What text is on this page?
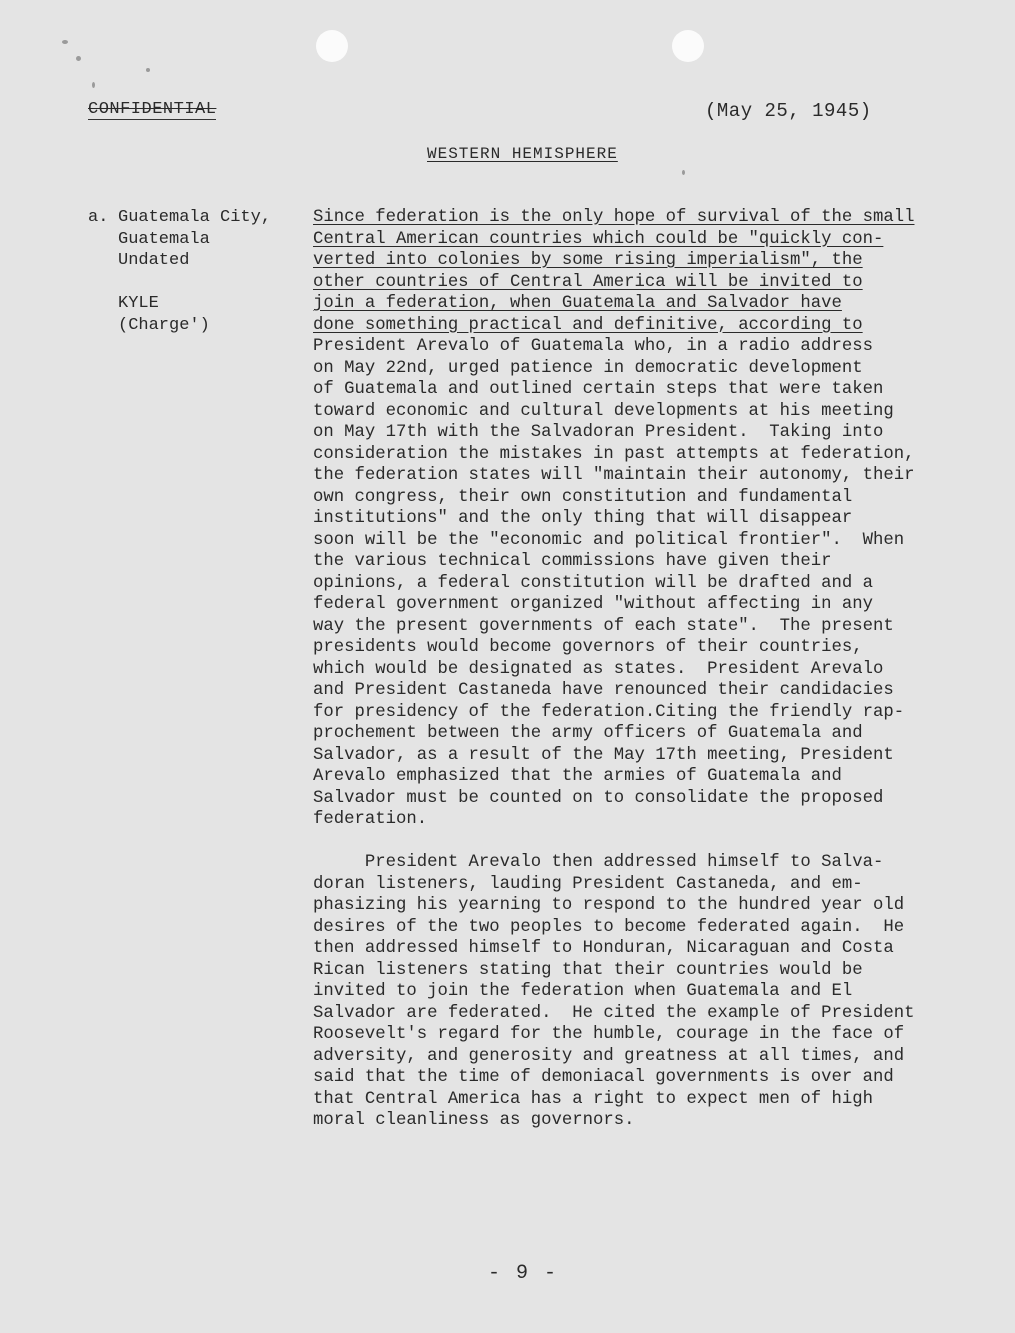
CONFIDENTIAL	(May 25, 1945)
WESTERN HEMISPHERE
a. Guatemala City,
Guatemala
Undated
KYLE
(Charge')
Since federation is the only hope of survival of the small
Central American countries which could be "quickly con-
verted into colonies by some rising imperialism", the
other countries of Central America will be invited to
join a federation, when Guatemala and Salvador have
done something practical and definitive, according to
President Arevalo of Guatemala who, in a radio address
on May 22nd, urged patience in democratic development
of Guatemala and outlined certain steps that were taken
toward economic and cultural developments at his meeting
on May 17th with the Salvadoran President.  Taking into
consideration the mistakes in past attempts at federation,
the federation states will "maintain their autonomy, their
own congress, their own constitution and fundamental
institutions" and the only thing that will disappear
soon will be the "economic and political frontier".  When
the various technical commissions have given their
opinions, a federal constitution will be drafted and a
federal government organized "without affecting in any
way the present governments of each state".  The present
presidents would become governors of their countries,
which would be designated as states.  President Arevalo
and President Castaneda have renounced their candidacies
for presidency of the federation.Citing the friendly rap-
prochement between the army officers of Guatemala and
Salvador, as a result of the May 17th meeting, President
Arevalo emphasized that the armies of Guatemala and
Salvador must be counted on to consolidate the proposed
federation.
President Arevalo then addressed himself to Salva-
doran listeners, lauding President Castaneda, and em-
phasizing his yearning to respond to the hundred year old
desires of the two peoples to become federated again.  He
then addressed himself to Honduran, Nicaraguan and Costa
Rican listeners stating that their countries would be
invited to join the federation when Guatemala and El
Salvador are federated.  He cited the example of President
Roosevelt's regard for the humble, courage in the face of
adversity, and generosity and greatness at all times, and
said that the time of demoniacal governments is over and
that Central America has a right to expect men of high
moral cleanliness as governors.
- 9 -
